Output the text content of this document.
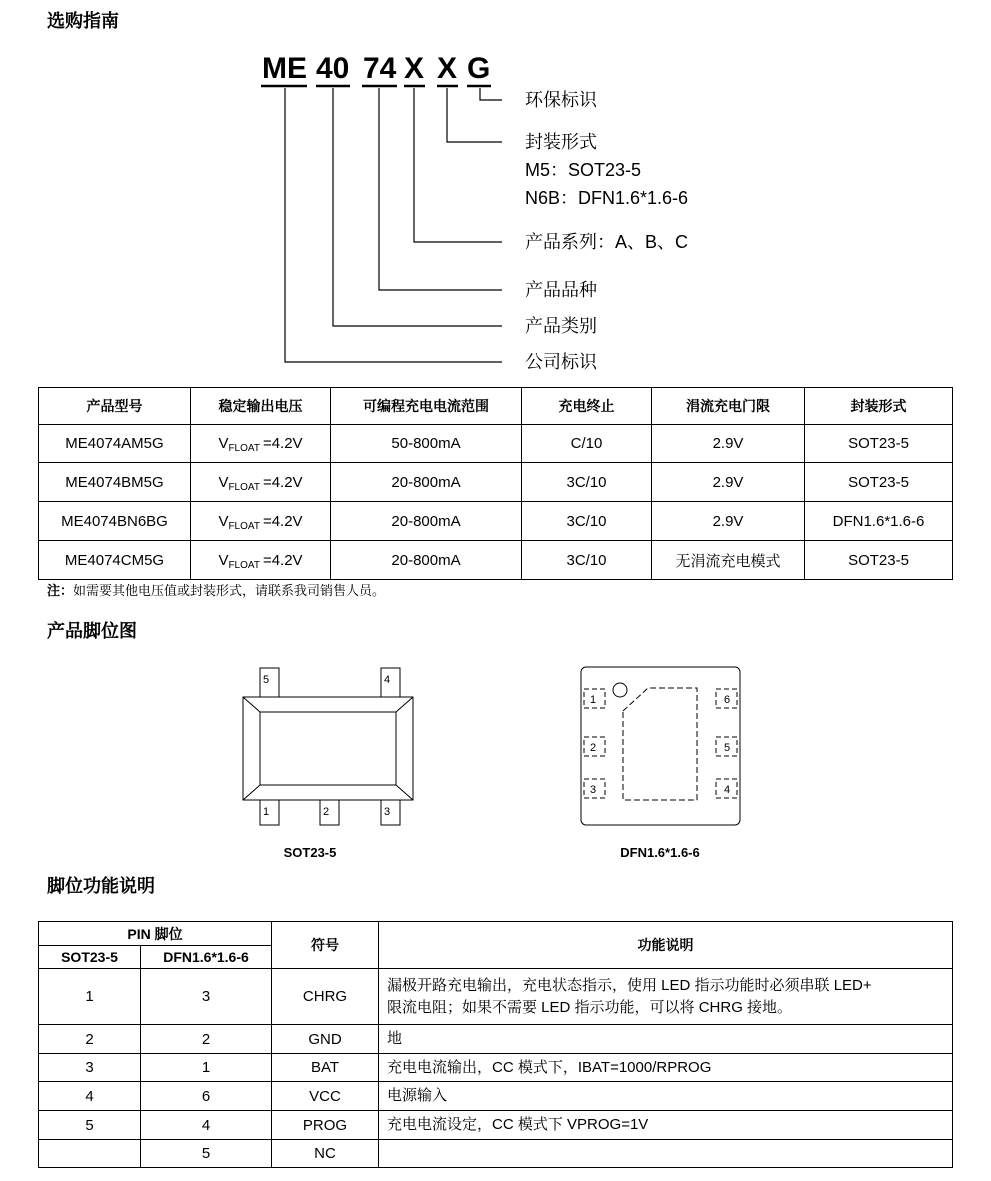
选购指南
5	4
1	2	3
SOT23-5
1
2
3
6
5
4
DFN1.6*1.6-6
ME 40 74 X X G
环保标识
封装形式
M5：SOT23-5
N6B：DFN1.6*1.6-6
产品系列：A、B、C
产品品种
产品类别
公司标识
产品型号	稳定输出电压	可编程充电电流范围	充电终止	涓流充电门限	封装形式
ME4074AM5G	$V_{FLOAT} =4.2V$	50-800mA	C/10	2.9V	SOT23-5
ME4074BM5G	$V_{FLOAT} =4.2V$	20-800mA	3C/10	2.9V	SOT23-5
ME4074BN6BG	$V_{FLOAT} =4.2V$	20-800mA	3C/10	2.9V	DFN1.6*1.6-6
ME4074CM5G	$V_{FLOAT} =4.2V$	20-800mA	3C/10	无涓流充电模式	SOT23-5
注：如需要其他电压值或封装形式，请联系我司销售人员。
产品脚位图
脚位功能说明
PIN 脚位		符号	功能说明
SOT23-5	DFN1.6*1.6-6		
1	3	CHRG	漏极开路充电输出，充电状态指示，使用 LED 指示功能时必须串联 LED+
限流电阻；如果不需要 LED 指示功能，可以将 CHRG 接地。

2	2	GND	地

3	1	BAT	充电电流输出，CC 模式下，IBAT=1000/RPROG

4	6	VCC	电源输入

5	4	PROG	充电电流设定，CC 模式下 VPROG=1V

	5	NC	
